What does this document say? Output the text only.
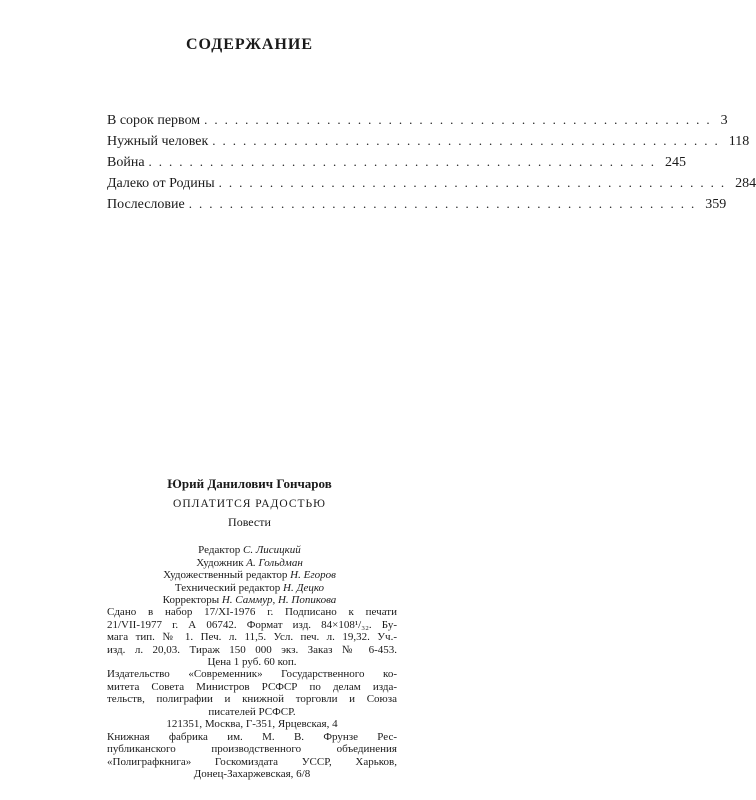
СОДЕРЖАНИЕ
В сорок первом .................................................. 3
Нужный человек .................................................. 118
Война .................................................. 245
Далеко от Родины .................................................. 284
Послесловие .................................................. 359
Юрий Данилович Гончаров
ОПЛАТИТСЯ РАДОСТЬЮ
Повести
Редактор С. Лисицкий
Художник А. Гольдман
Художественный редактор Н. Егоров
Технический редактор Н. Децко
Корректоры Н. Саммур, Н. Попикова
Сдано в набор 17/XI-1976 г. Подписано к печати
21/VII-1977 г. А 06742. Формат изд. 84×108¹/₃₂. Бу-
мага тип. № 1. Печ. л. 11,5. Усл. печ. л. 19,32. Уч.-
изд. л. 20,03. Тираж 150 000 экз. Заказ № 6-453.
Цена 1 руб. 60 коп.
Издательство «Современник» Государственного ко-
митета Совета Министров РСФСР по делам изда-
тельств, полиграфии и книжной торговли и Союза
писателей РСФСР.
121351, Москва, Г-351, Ярцевская, 4
Книжная фабрика им. М. В. Фрунзе Рес-
публиканского производственного объединения
«Полиграфкнига» Госкомиздата УССР, Харьков,
Донец-Захаржевская, 6/8
